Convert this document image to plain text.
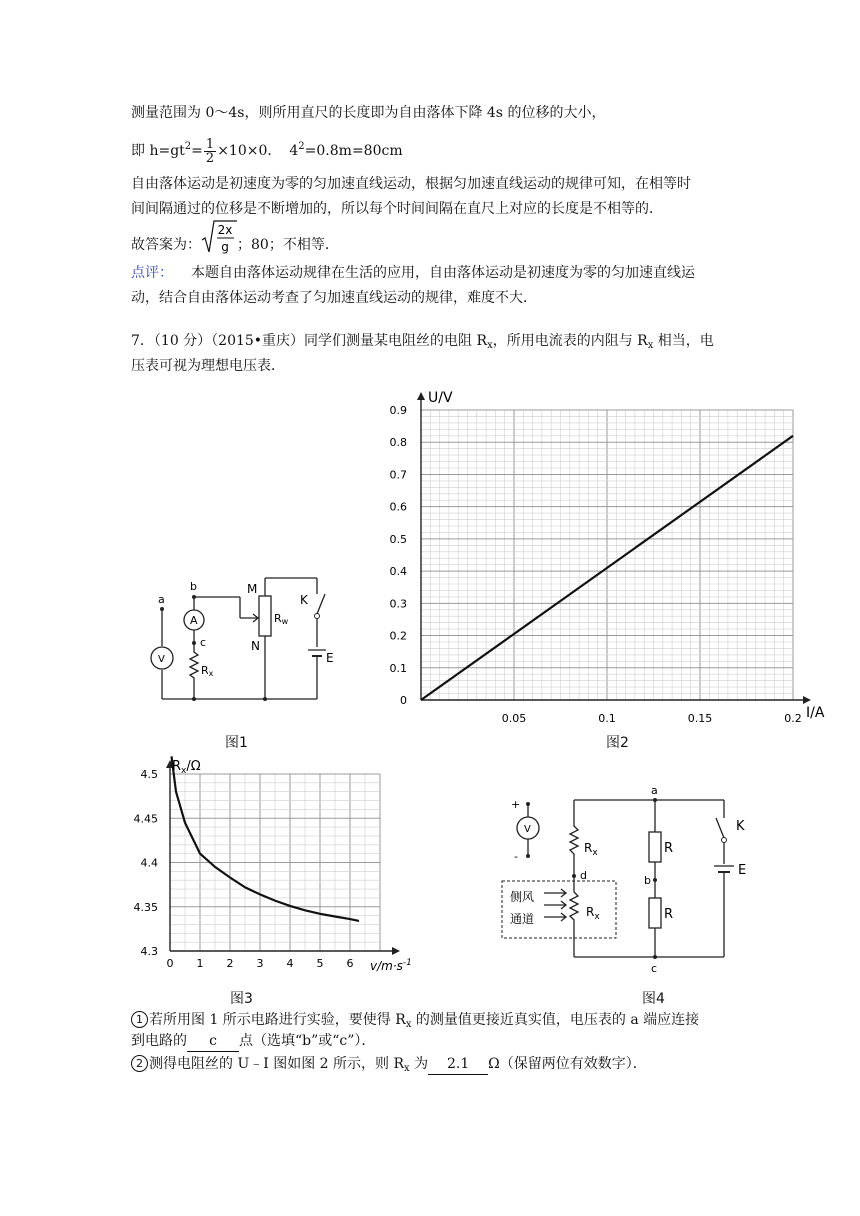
测量范围为 0～4s，则所用直尺的长度即为自由落体下降 4s 的位移的大小，
即 $h=gt^2= \frac{1}{2} \times 10\times 0$． $4^2=0.8m=80cm$
自由落体运动是初速度为零的匀加速直线运动，根据匀加速直线运动的规律可知，在相等时
间间隔通过的位移是不断增加的，所以每个时间间隔在直尺上对应的长度是不相等的．
故答案为：
2x
g ；80；不相等．
点评： 本题自由落体运动规律在生活的应用，自由落体运动是初速度为零的匀加速直线运
动，结合自由落体运动考查了匀加速直线运动的规律，难度不大．
7．（10 分）（2015•重庆）同学们测量某电阻丝的电阻 $R_x$，所用电流表的内阻与 $R_x$ 相当，电
压表可视为理想电压表．
a
b
c
M
N
K
E
A
V
Rx
Rw
图1
0.05	0.1	0.15	0.2
0
0.1
0.2
0.3
0.4
0.5
0.6
0.7
0.8
0.9
U/V
I/A
图2
0 1 2 3 4 5 6
4.3
4.35
4.4
4.45
4.5
$R_x/\Omega$
$v/m\cdot s^{-1}$
图3
+
-
V
a
b
c
d
K
E
R
R
$R_x$
$R_x$
侧风
通道
图4
1 若所用图 1 所示电路进行实验，要使得 $R_x$ 的测量值更接近真实值，电压表的 a 端应连接
到电路的 c 点（选填“b”或“c”）．
2 测得电阻丝的 U﹣I 图如图 2 所示，则 $R_x$ 为 2.1 Ω（保留两位有效数字）．
